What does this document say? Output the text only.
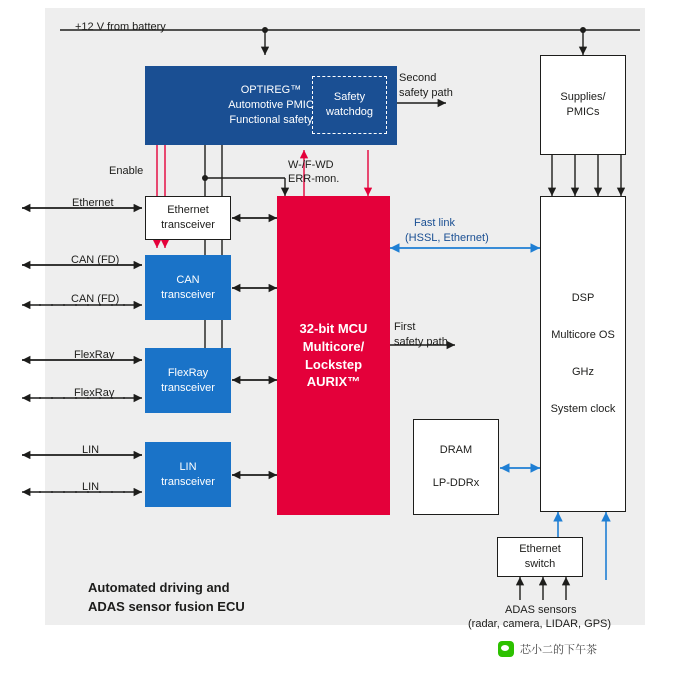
OPTIREG™
Automotive PMIC
Functional safety
Safety
watchdog
Supplies/
PMICs
Ethernet
transceiver
CAN
transceiver
FlexRay
transceiver
LIN
transceiver
32-bit MCU
Multicore/
Lockstep
AURIX™
DSP
Multicore OS
GHz
System clock
DRAM
LP-DDRx
Ethernet
switch
+12 V from battery
Second
safety path
Enable	W-/F-WD
ERR-mon.
Ethernet
CAN (FD)
CAN (FD)
FlexRay
FlexRay
LIN
LIN
Fast link
(HSSL, Ethernet)
First
safety path
ADAS sensors
(radar, camera, LIDAR, GPS)
Automated driving and
ADAS sensor fusion ECU
芯小二的下午茶
